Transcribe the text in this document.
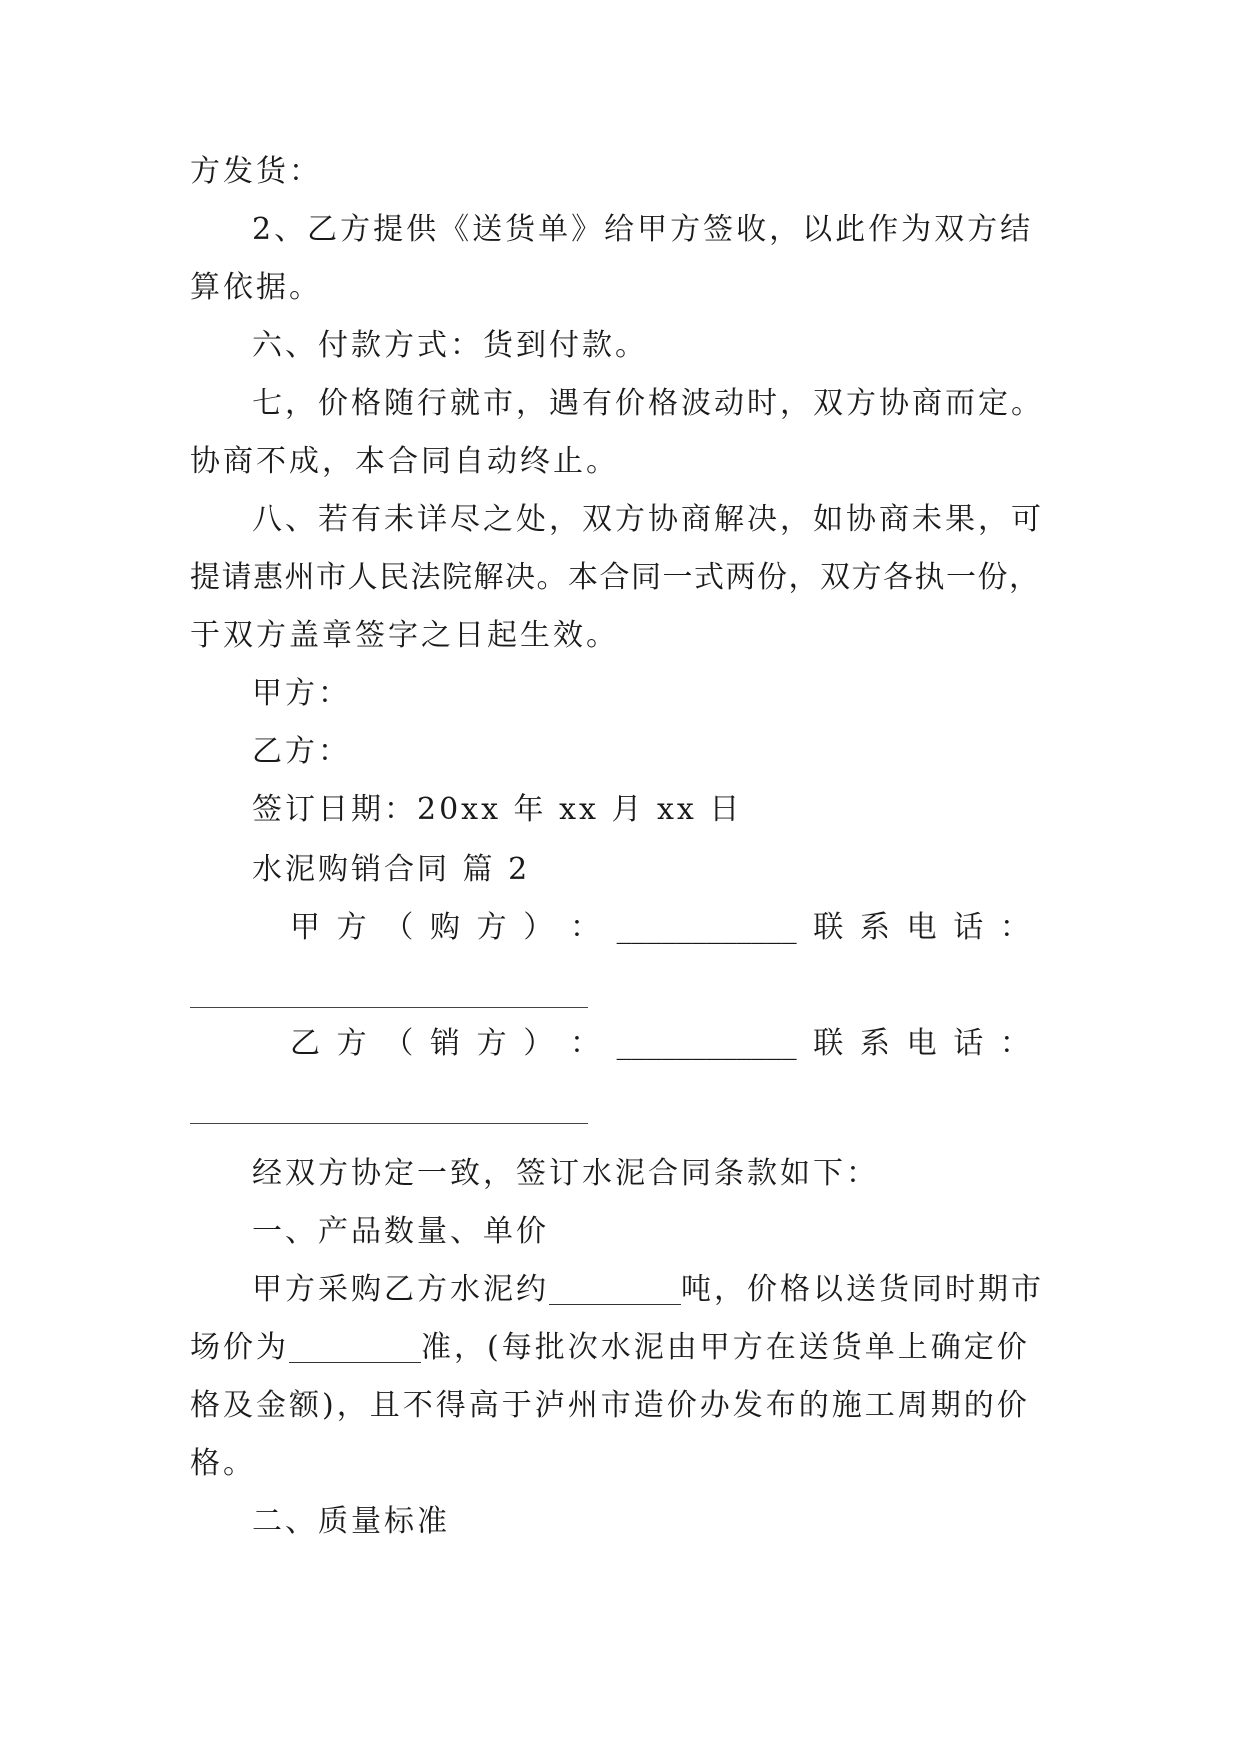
方发货：
2、乙方提供《送货单》给甲方签收，以此作为双方结
算依据。
六、付款方式：货到付款。
七，价格随行就市，遇有价格波动时，双方协商而定。
协商不成，本合同自动终止。
八、若有未详尽之处，双方协商解决，如协商未果，可
提请惠州市人民法院解决。本合同一式两份，双方各执一份，
于双方盖章签字之日起生效。
甲方：
乙方：
签订日期：20xx 年 xx 月 xx 日
水泥购销合同 篇 2
甲 方 （ 购 方 ） ： ____________ 联 系 电 话 ：
乙 方 （ 销 方 ） ： ____________ 联 系 电 话 ：
经双方协定一致，签订水泥合同条款如下：
一、产品数量、单价
甲方采购乙方水泥约	吨，价格以送货同时期市
场价为	准，(每批次水泥由甲方在送货单上确定价
格及金额)，且不得高于泸州市造价办发布的施工周期的价
格。
二、质量标准
